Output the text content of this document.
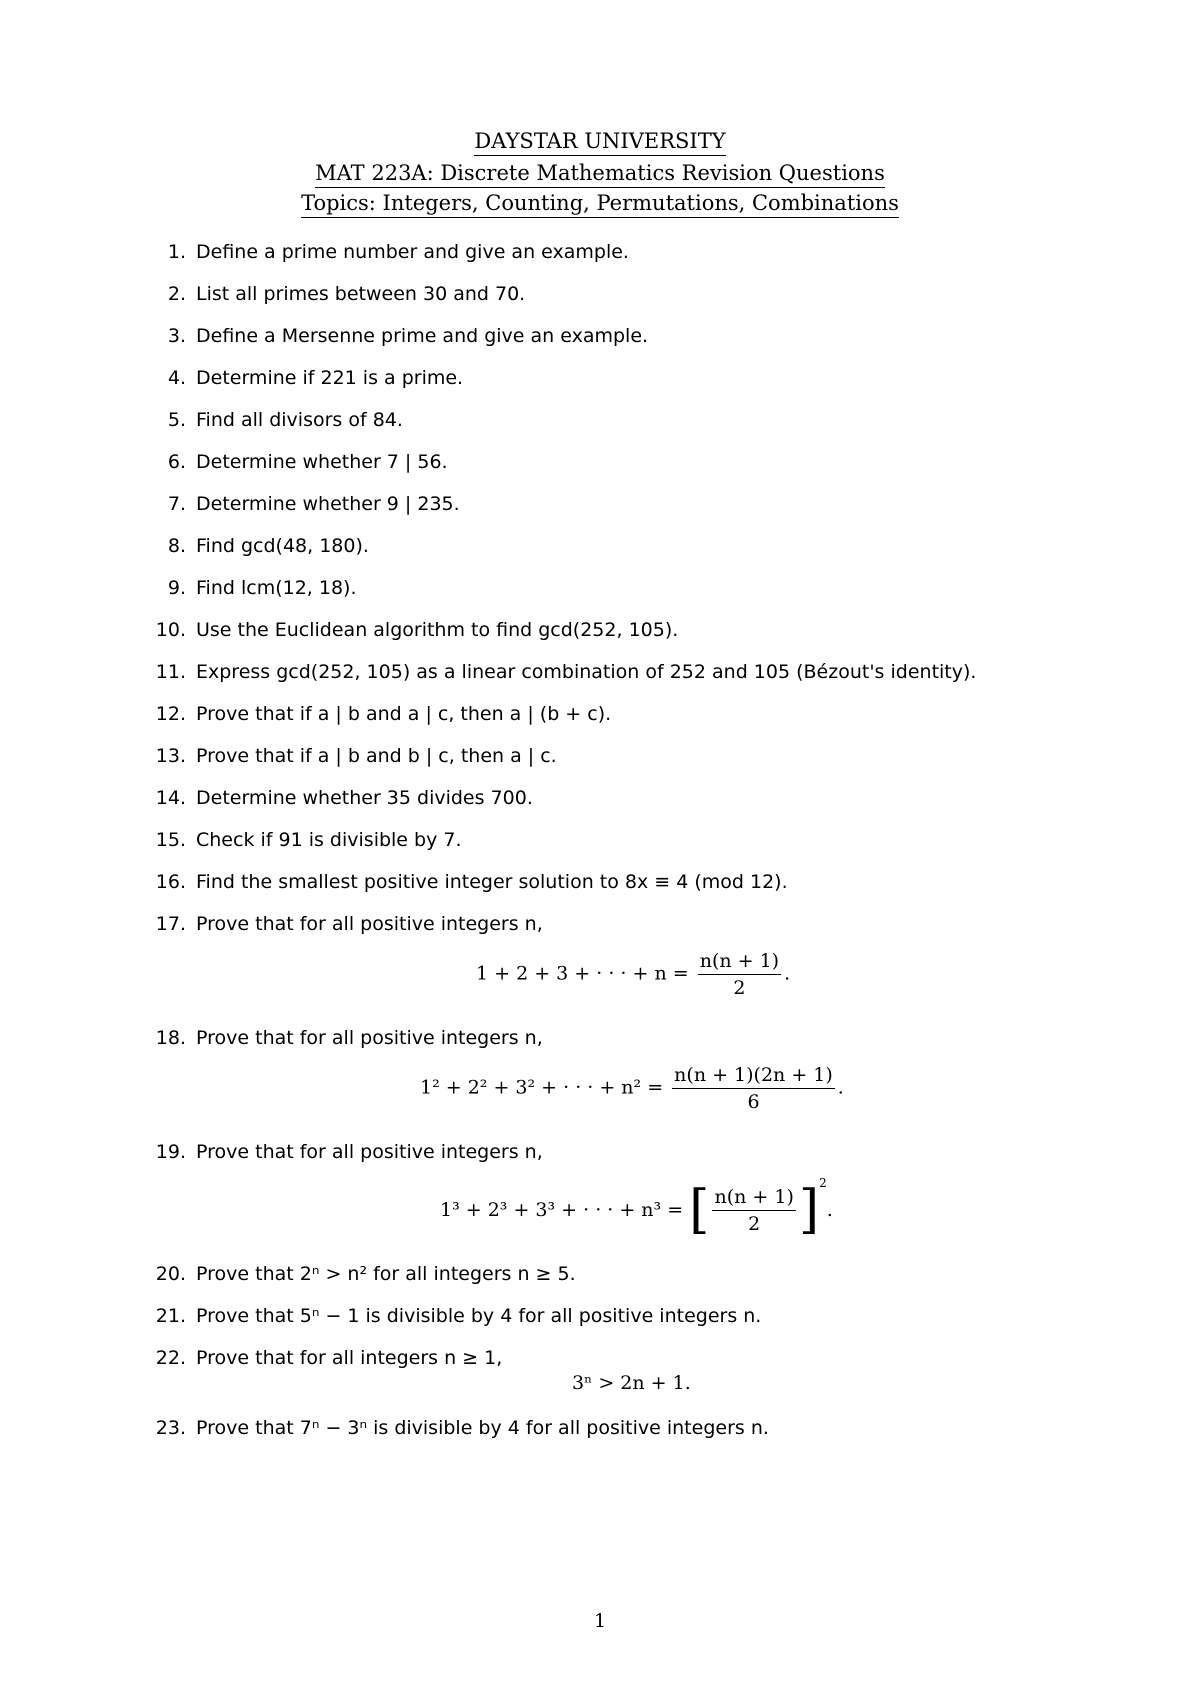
DAYSTAR UNIVERSITY
MAT 223A: Discrete Mathematics Revision Questions
Topics: Integers, Counting, Permutations, Combinations
1. Define a prime number and give an example.
2. List all primes between 30 and 70.
3. Define a Mersenne prime and give an example.
4. Determine if 221 is a prime.
5. Find all divisors of 84.
6. Determine whether 7 | 56.
7. Determine whether 9 | 235.
8. Find gcd(48, 180).
9. Find lcm(12, 18).
10. Use the Euclidean algorithm to find gcd(252, 105).
11. Express gcd(252, 105) as a linear combination of 252 and 105 (Bézout's identity).
12. Prove that if a | b and a | c, then a | (b + c).
13. Prove that if a | b and b | c, then a | c.
14. Determine whether 35 divides 700.
15. Check if 91 is divisible by 7.
16. Find the smallest positive integer solution to 8x ≡ 4 (mod 12).
17. Prove that for all positive integers n,
1 + 2 + 3 + · · · + $n = \frac{n(n + 1)}{2}$ .
18. Prove that for all positive integers n,
1² + 2² + 3² + · · · + $n^2 = \frac{n(n + 1)(2n + 1)}{6}$ .
19. Prove that for all positive integers n,
1³ + 2³ + 3³ + · · · + n³ = [ $\frac{n(n + 1)}{2} ]^2$.
20. Prove that 2ⁿ > n² for all integers n ≥ 5.
21. Prove that 5ⁿ − 1 is divisible by 4 for all positive integers n.
22. Prove that for all integers n ≥ 1,
3ⁿ > 2n + 1.
23. Prove that 7ⁿ − 3ⁿ is divisible by 4 for all positive integers n.
1
